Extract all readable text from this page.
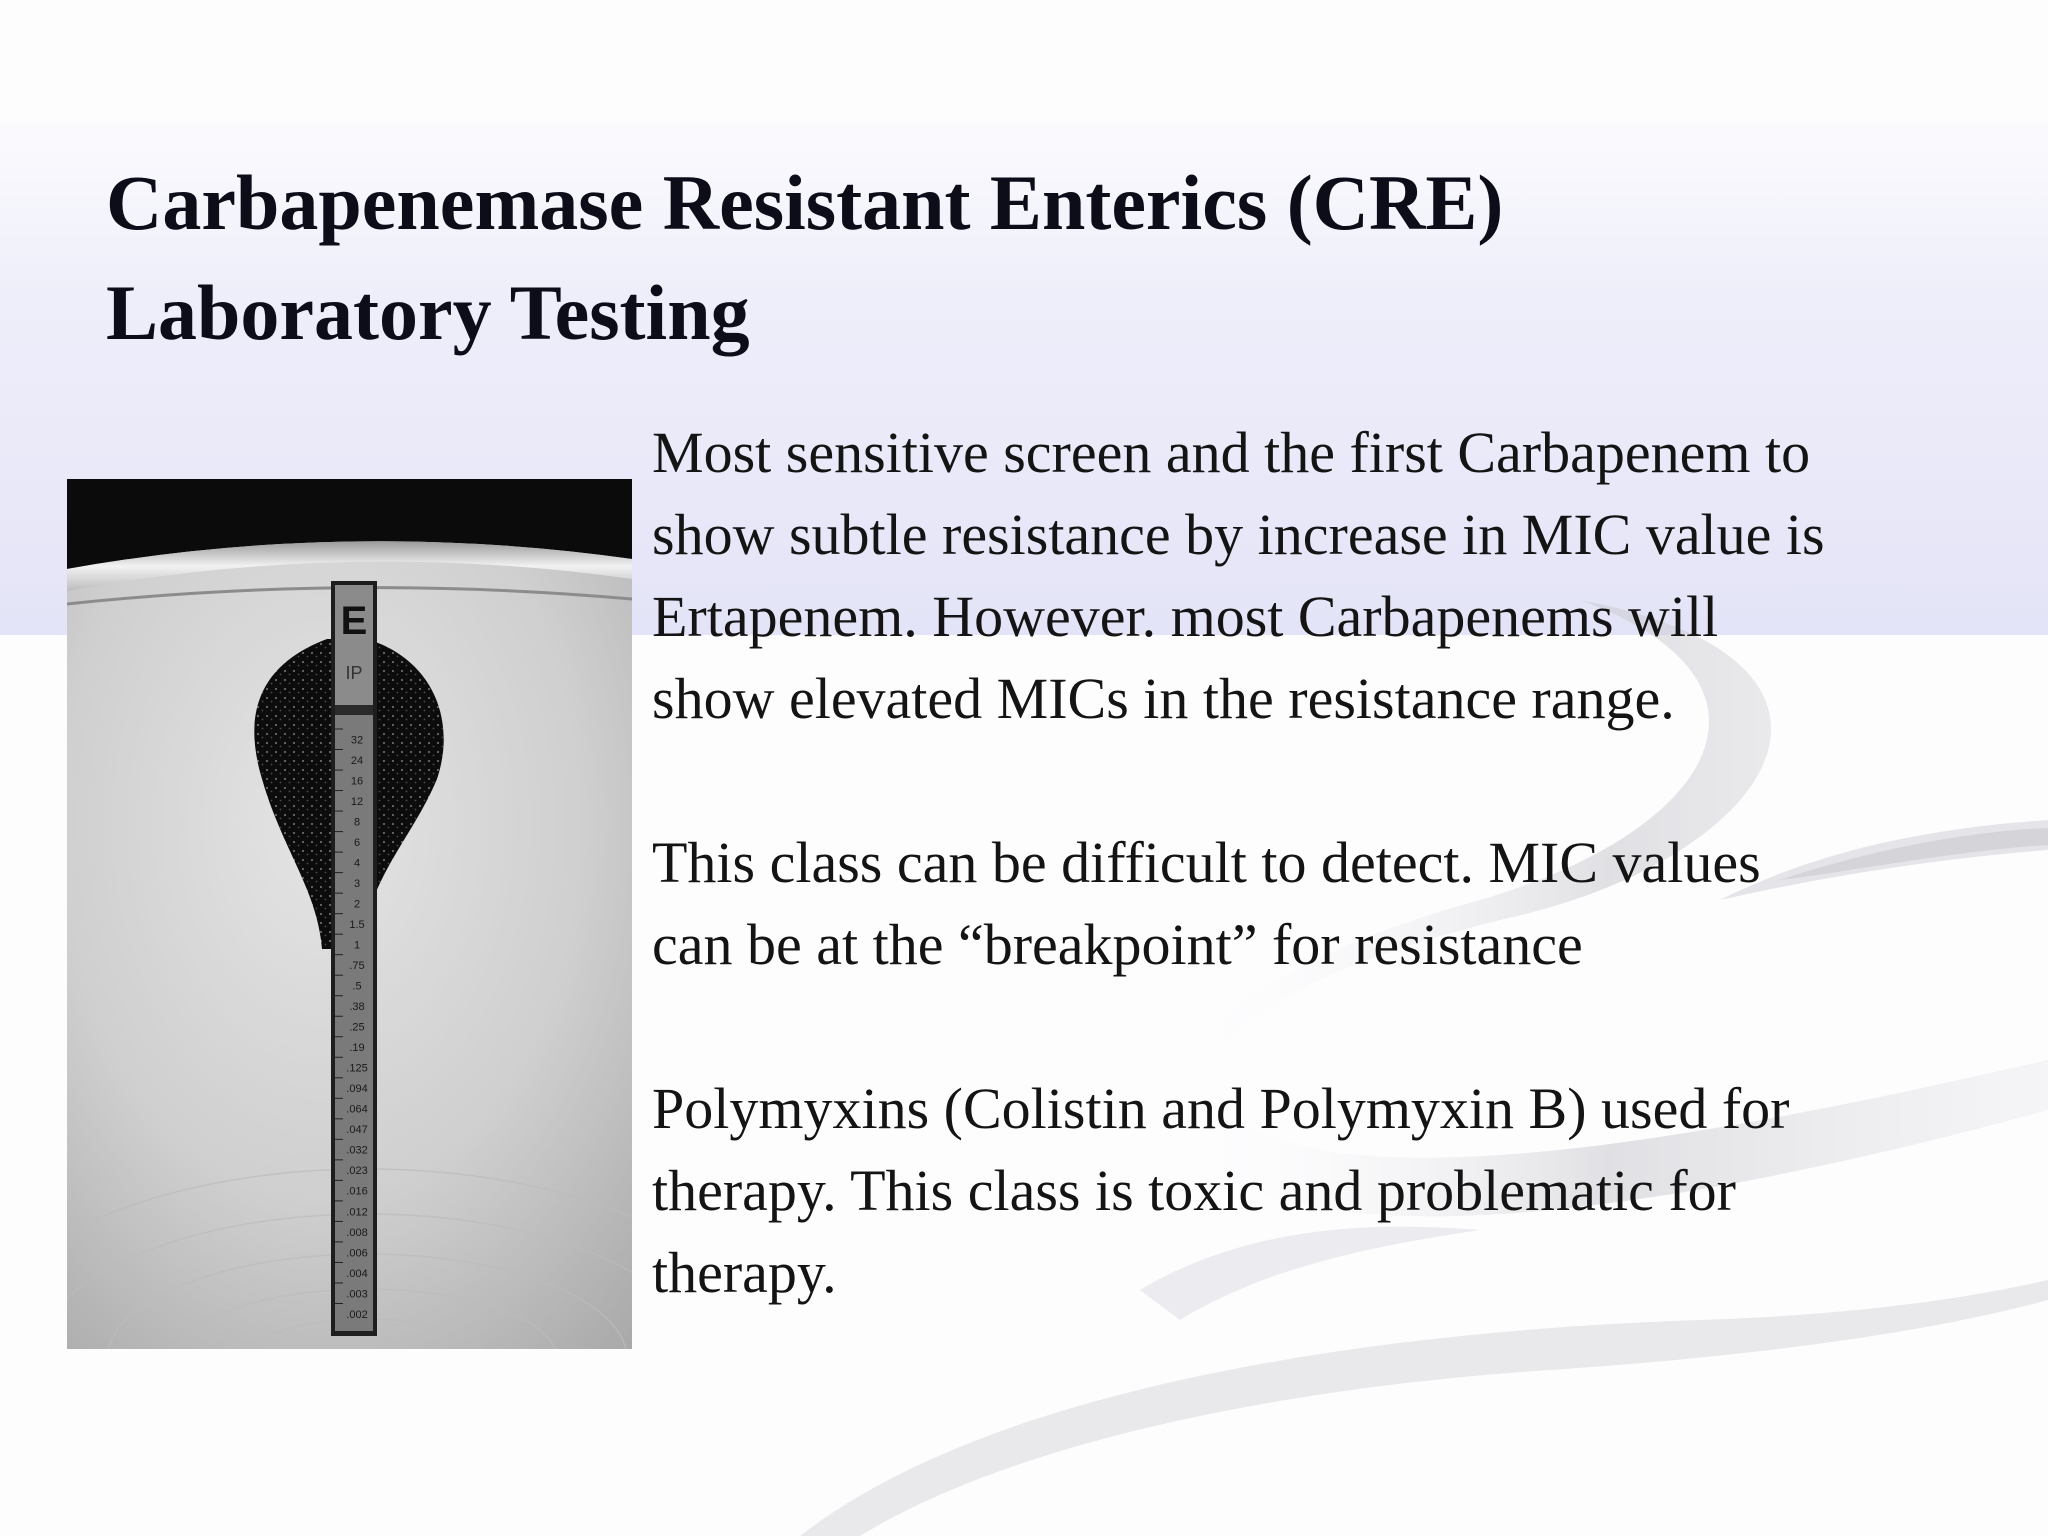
Carbapenemase Resistant Enterics (CRE)
Laboratory Testing
E
IP
32
24
16
12
8
6
4
3
2
1.5
1
.75
.5
.38
.25
.19
.125
.094
.064
.047
.032
.023
.016
.012
.008
.006
.004
.003
.002

Most sensitive screen and the first Carbapenem to
show subtle resistance by increase in MIC value is
Ertapenem. However. most Carbapenems will
show elevated MICs in the resistance range.

This class can be difficult to detect. MIC values
can be at the “breakpoint” for resistance

Polymyxins (Colistin and Polymyxin B) used for
therapy. This class is toxic and problematic for
therapy.
